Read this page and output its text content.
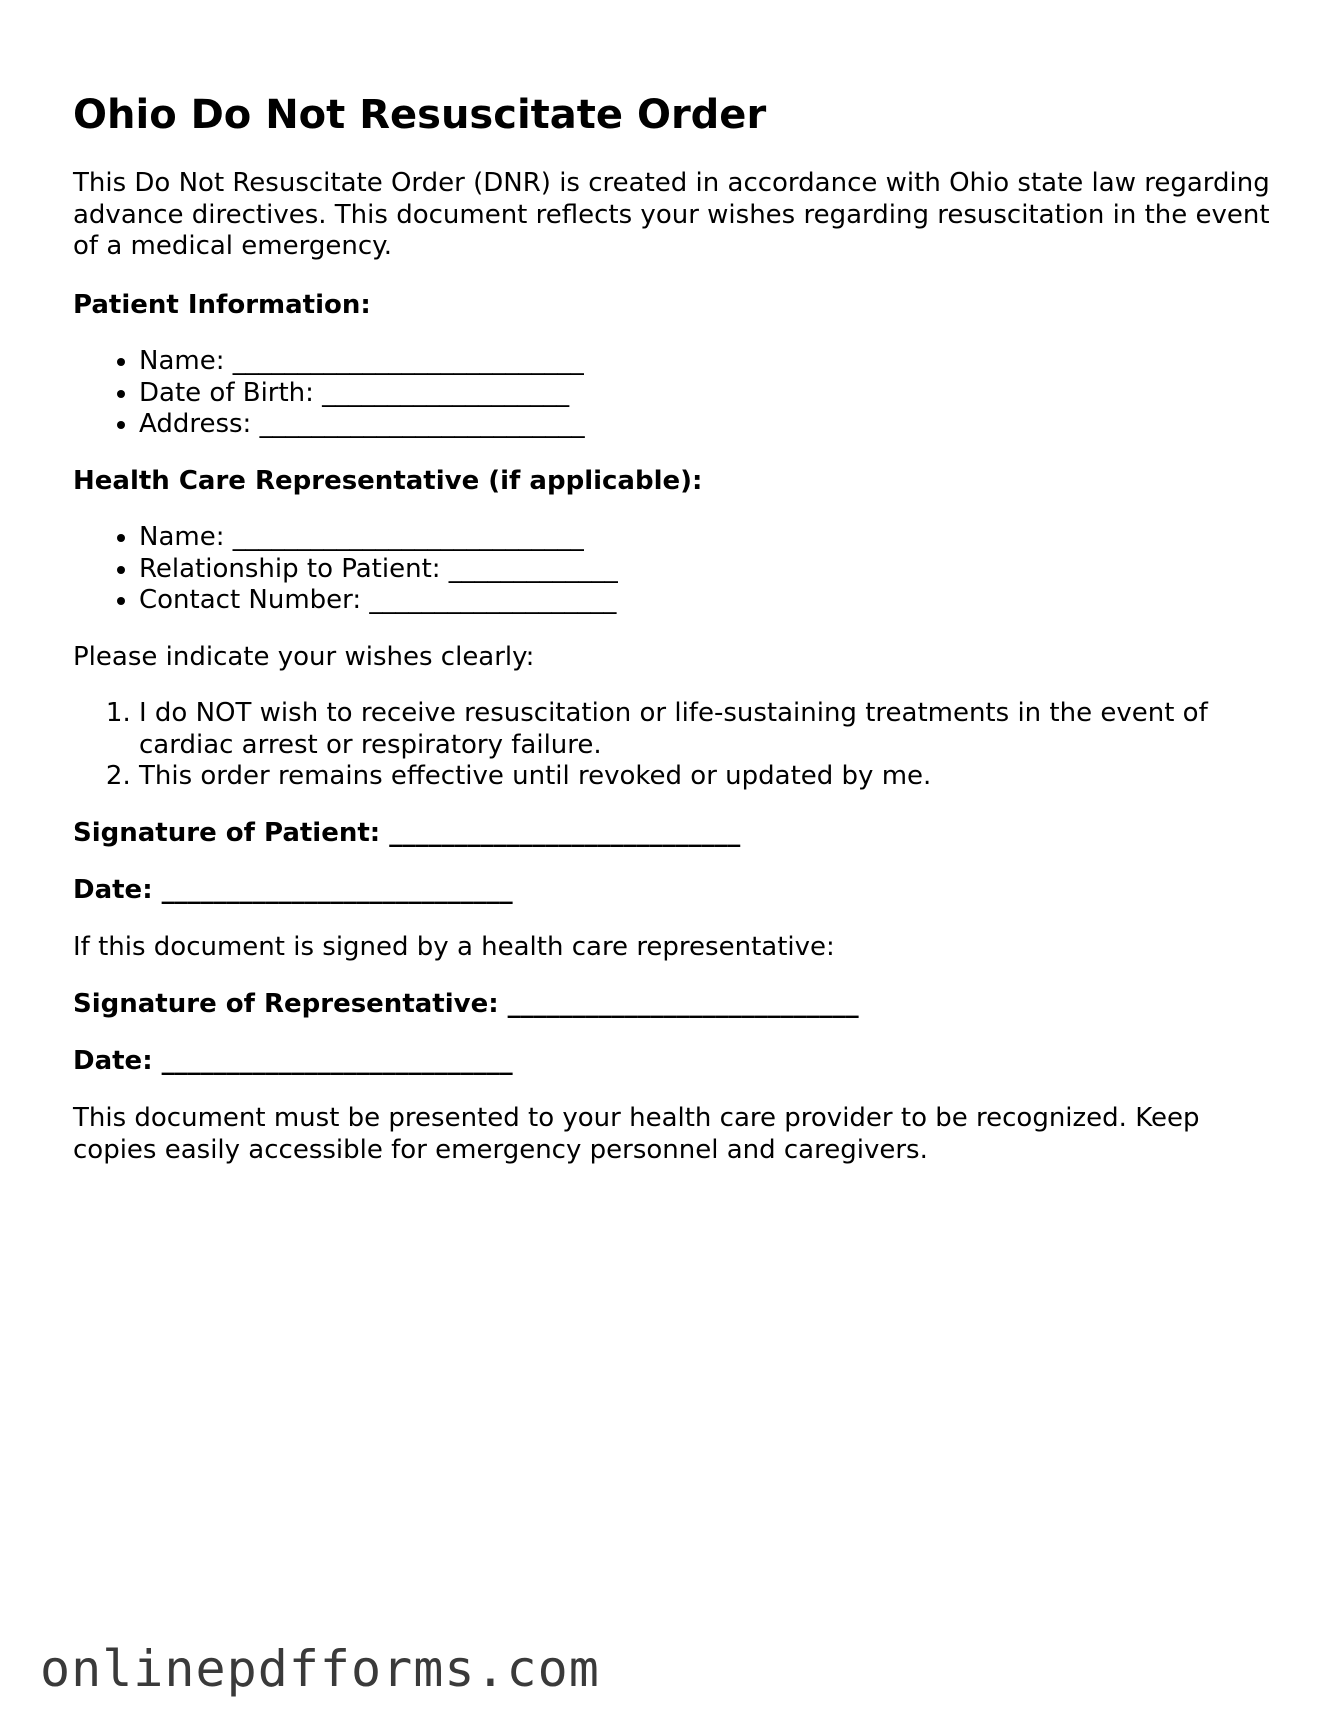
Ohio Do Not Resuscitate Order

This Do Not Resuscitate Order (DNR) is created in accordance with Ohio state law regarding advance directives. This document reflects your wishes regarding resuscitation in the event of a medical emergency.

Patient Information:

• Name: ___________________________
• Date of Birth: ___________________
• Address: _________________________

Health Care Representative (if applicable):

• Name: ___________________________
• Relationship to Patient: _____________
• Contact Number: ___________________

Please indicate your wishes clearly:

1. I do NOT wish to receive resuscitation or life-sustaining treatments in the event of cardiac arrest or respiratory failure.
2. This order remains effective until revoked or updated by me.

Signature of Patient: ___________________________

Date: ___________________________

If this document is signed by a health care representative:

Signature of Representative: ___________________________

Date: ___________________________

This document must be presented to your health care provider to be recognized. Keep copies easily accessible for emergency personnel and caregivers.

onlinepdfforms.com
